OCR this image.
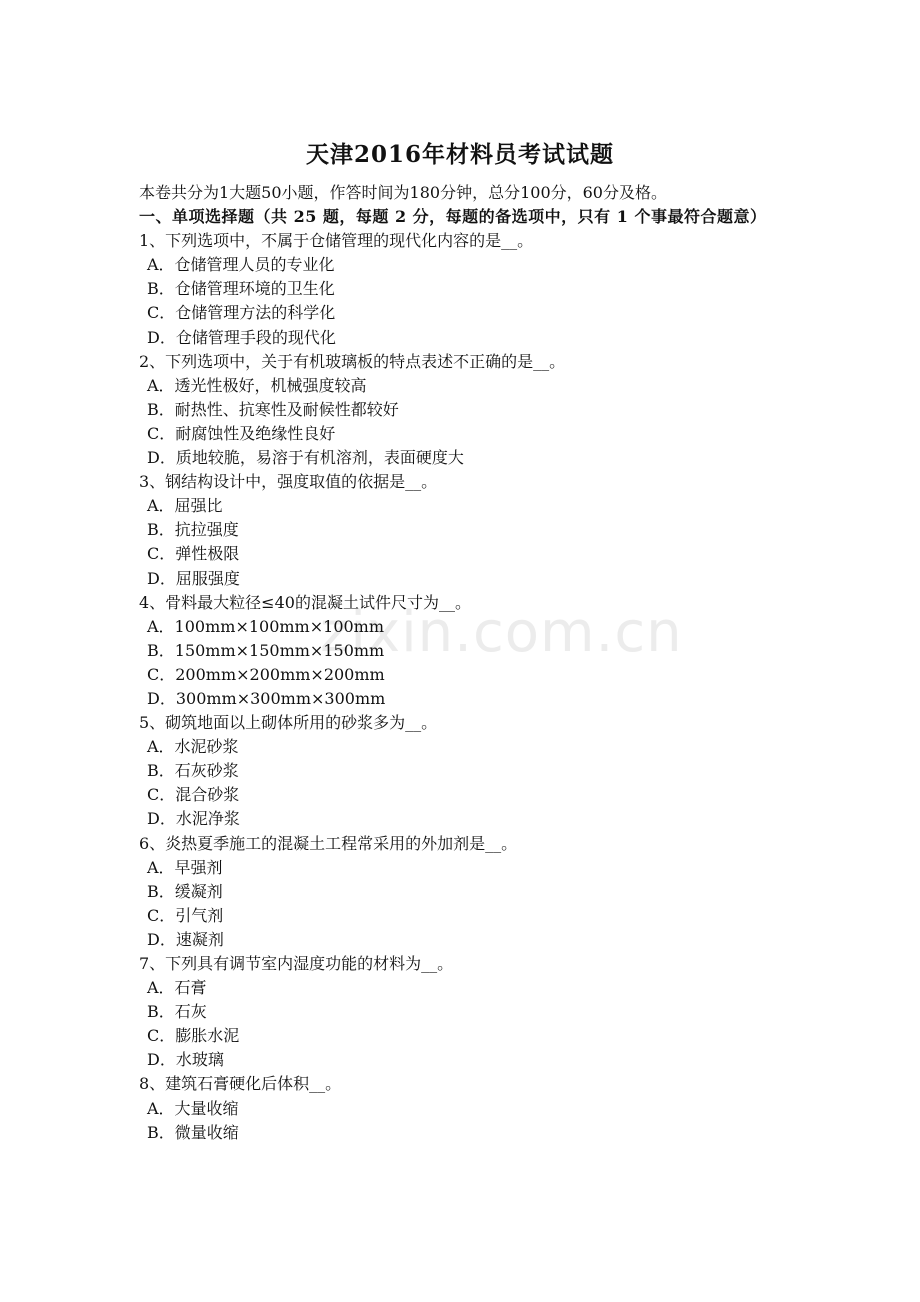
天津2016年材料员考试试题
zixin.com.cn
本卷共分为1大题50小题，作答时间为180分钟，总分100分，60分及格。
一、单项选择题（共 25 题，每题 2 分，每题的备选项中，只有 1 个事最符合题意）
1、下列选项中，不属于仓储管理的现代化内容的是__。
A．仓储管理人员的专业化
B．仓储管理环境的卫生化
C．仓储管理方法的科学化
D．仓储管理手段的现代化
2、下列选项中，关于有机玻璃板的特点表述不正确的是__。
A．透光性极好，机械强度较高
B．耐热性、抗寒性及耐候性都较好
C．耐腐蚀性及绝缘性良好
D．质地较脆，易溶于有机溶剂，表面硬度大
3、钢结构设计中，强度取值的依据是__。
A．屈强比
B．抗拉强度
C．弹性极限
D．屈服强度
4、骨料最大粒径≤40的混凝土试件尺寸为__。
A．100mm×100mm×100mm
B．150mm×150mm×150mm
C．200mm×200mm×200mm
D．300mm×300mm×300mm
5、砌筑地面以上砌体所用的砂浆多为__。
A．水泥砂浆
B．石灰砂浆
C．混合砂浆
D．水泥净浆
6、炎热夏季施工的混凝土工程常采用的外加剂是__。
A．早强剂
B．缓凝剂
C．引气剂
D．速凝剂
7、下列具有调节室内湿度功能的材料为__。
A．石膏
B．石灰
C．膨胀水泥
D．水玻璃
8、建筑石膏硬化后体积__。
A．大量收缩
B．微量收缩
